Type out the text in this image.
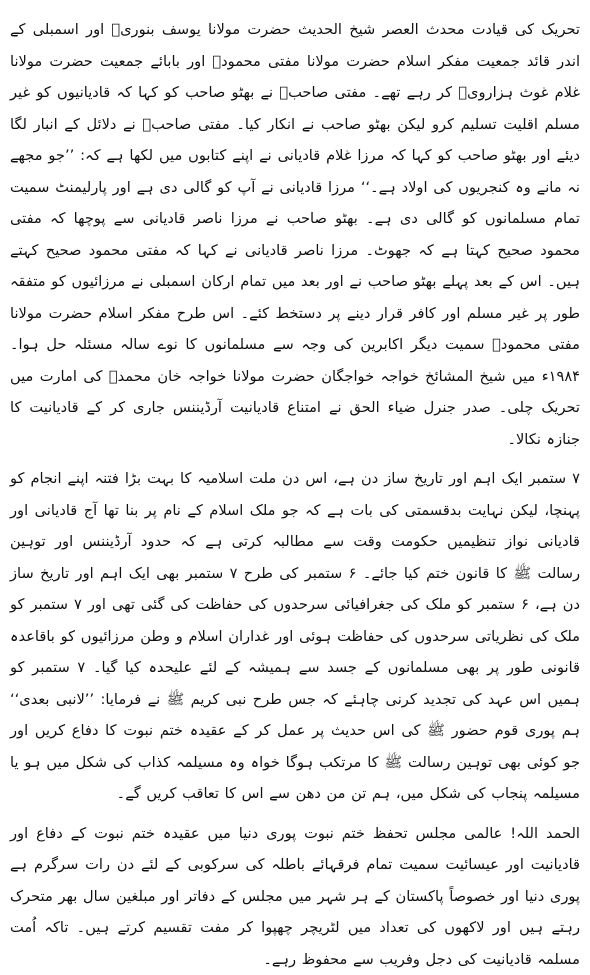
تحریک کی قیادت محدث العصر شیخ الحدیث حضرت مولانا یوسف بنوریؒ اور اسمبلی کے اندر قائد جمعیت مفکر اسلام حضرت مولانا مفتی محمودؒ اور بابائے جمعیت حضرت مولانا غلام غوث ہزارویؒ کر رہے تھے۔ مفتی صاحبؒ نے بھٹو صاحب کو کہا کہ قادیانیوں کو غیر مسلم اقلیت تسلیم کرو لیکن بھٹو صاحب نے انکار کیا۔ مفتی صاحبؒ نے دلائل کے انبار لگا دیئے اور بھٹو صاحب کو کہا کہ مرزا غلام قادیانی نے اپنے کتابوں میں لکھا ہے کہ: ’’جو مجھے نہ مانے وہ کنجریوں کی اولاد ہے۔‘‘ مرزا قادیانی نے آپ کو گالی دی ہے اور پارلیمنٹ سمیت تمام مسلمانوں کو گالی دی ہے۔ بھٹو صاحب نے مرزا ناصر قادیانی سے پوچھا کہ مفتی محمود صحیح کہتا ہے کہ جھوٹ۔ مرزا ناصر قادیانی نے کہا کہ مفتی محمود صحیح کہتے ہیں۔ اس کے بعد پہلے بھٹو صاحب نے اور بعد میں تمام ارکان اسمبلی نے مرزائیوں کو متفقہ طور پر غیر مسلم اور کافر قرار دینے پر دستخط کئے۔ اس طرح مفکر اسلام حضرت مولانا مفتی محمودؒ سمیت دیگر اکابرین کی وجہ سے مسلمانوں کا نوے سالہ مسئلہ حل ہوا۔ ۱۹۸۴ء میں شیخ المشائخ خواجہ خواجگان حضرت مولانا خواجہ خان محمدؒ کی امارت میں تحریک چلی۔ صدر جنرل ضیاء الحق نے امتناع قادیانیت آرڈیننس جاری کر کے قادیانیت کا جنازہ نکالا۔

۷ ستمبر ایک اہم اور تاریخ ساز دن ہے، اس دن ملت اسلامیہ کا بہت بڑا فتنہ اپنے انجام کو پہنچا، لیکن نہایت بدقسمتی کی بات ہے کہ جو ملک اسلام کے نام پر بنا تھا آج قادیانی اور قادیانی نواز تنظیمیں حکومت وقت سے مطالبہ کرتی ہے کہ حدود آرڈیننس اور توہین رسالت ﷺ کا قانون ختم کیا جائے۔ ۶ ستمبر کی طرح ۷ ستمبر بھی ایک اہم اور تاریخ ساز دن ہے، ۶ ستمبر کو ملک کی جغرافیائی سرحدوں کی حفاظت کی گئی تھی اور ۷ ستمبر کو ملک کی نظریاتی سرحدوں کی حفاظت ہوئی اور غداران اسلام و وطن مرزائیوں کو باقاعدہ قانونی طور پر بھی مسلمانوں کے جسد سے ہمیشہ کے لئے علیحدہ کیا گیا۔ ۷ ستمبر کو ہمیں اس عہد کی تجدید کرنی چاہئے کہ جس طرح نبی کریم ﷺ نے فرمایا: ’’لانبی بعدی‘‘ ہم پوری قوم حضور ﷺ کی اس حدیث پر عمل کر کے عقیدہ ختم نبوت کا دفاع کریں اور جو کوئی بھی توہین رسالت ﷺ کا مرتکب ہوگا خواہ وہ مسیلمہ کذاب کی شکل میں ہو یا مسیلمہ پنجاب کی شکل میں، ہم تن من دھن سے اس کا تعاقب کریں گے۔

الحمد اللہ! عالمی مجلس تحفظ ختم نبوت پوری دنیا میں عقیدہ ختم نبوت کے دفاع اور قادیانیت اور عیسائیت سمیت تمام فرقہائے باطلہ کی سرکوبی کے لئے دن رات سرگرم ہے پوری دنیا اور خصوصاً پاکستان کے ہر شہر میں مجلس کے دفاتر اور مبلغین سال بھر متحرک رہتے ہیں اور لاکھوں کی تعداد میں لٹریچر چھپوا کر مفت تقسیم کرتے ہیں۔ تاکہ اُمت مسلمہ قادیانیت کی دجل وفریب سے محفوظ رہے۔
